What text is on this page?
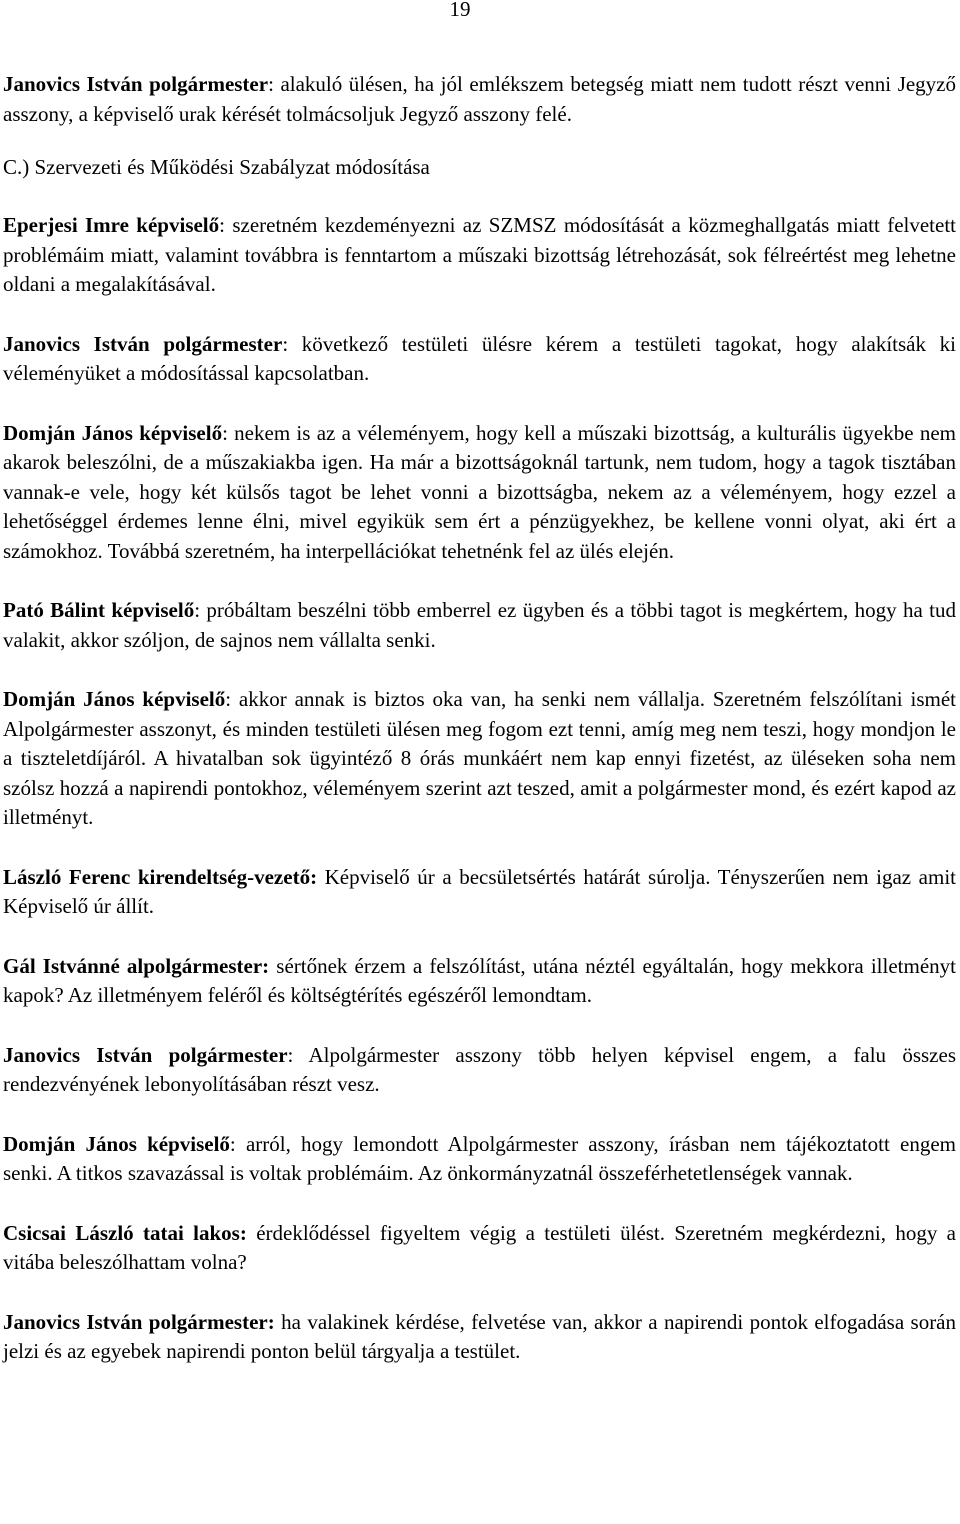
19

Janovics István polgármester: alakuló ülésen, ha jól emlékszem betegség miatt nem tudott részt venni Jegyző asszony, a képviselő urak kérését tolmácsoljuk Jegyző asszony felé.

C.) Szervezeti és Működési Szabályzat módosítása

Eperjesi Imre képviselő: szeretném kezdeményezni az SZMSZ módosítását a közmeghallgatás miatt felvetett problémáim miatt, valamint továbbra is fenntartom a műszaki bizottság létrehozását, sok félreértést meg lehetne oldani a megalakításával.

Janovics István polgármester: következő testületi ülésre kérem a testületi tagokat, hogy alakítsák ki véleményüket a módosítással kapcsolatban.

Domján János képviselő: nekem is az a véleményem, hogy kell a műszaki bizottság, a kulturális ügyekbe nem akarok beleszólni, de a műszakiakba igen. Ha már a bizottságoknál tartunk, nem tudom, hogy a tagok tisztában vannak-e vele, hogy két külsős tagot be lehet vonni a bizottságba, nekem az a véleményem, hogy ezzel a lehetőséggel érdemes lenne élni, mivel egyikük sem ért a pénzügyekhez, be kellene vonni olyat, aki ért a számokhoz. Továbbá szeretném, ha interpellációkat tehetnénk fel az ülés elején.

Pató Bálint képviselő: próbáltam beszélni több emberrel ez ügyben és a többi tagot is megkértem, hogy ha tud valakit, akkor szóljon, de sajnos nem vállalta senki.

Domján János képviselő: akkor annak is biztos oka van, ha senki nem vállalja. Szeretném felszólítani ismét Alpolgármester asszonyt, és minden testületi ülésen meg fogom ezt tenni, amíg meg nem teszi, hogy mondjon le a tiszteletdíjáról. A hivatalban sok ügyintéző 8 órás munkáért nem kap ennyi fizetést, az üléseken soha nem szólsz hozzá a napirendi pontokhoz, véleményem szerint azt teszed, amit a polgármester mond, és ezért kapod az illetményt.

László Ferenc kirendeltség-vezető: Képviselő úr a becsületsértés határát súrolja. Tényszerűen nem igaz amit Képviselő úr állít.

Gál Istvánné alpolgármester: sértőnek érzem a felszólítást, utána néztél egyáltalán, hogy mekkora illetményt kapok? Az illetményem feléről és költségtérítés egészéről lemondtam.

Janovics István polgármester: Alpolgármester asszony több helyen képvisel engem, a falu összes rendezvényének lebonyolításában részt vesz.

Domján János képviselő: arról, hogy lemondott Alpolgármester asszony, írásban nem tájékoztatott engem senki. A titkos szavazással is voltak problémáim. Az önkormányzatnál összeférhetetlenségek vannak.

Csicsai László tatai lakos: érdeklődéssel figyeltem végig a testületi ülést. Szeretném megkérdezni, hogy a vitába beleszólhattam volna?

Janovics István polgármester: ha valakinek kérdése, felvetése van, akkor a napirendi pontok elfogadása során jelzi és az egyebek napirendi ponton belül tárgyalja a testület.
